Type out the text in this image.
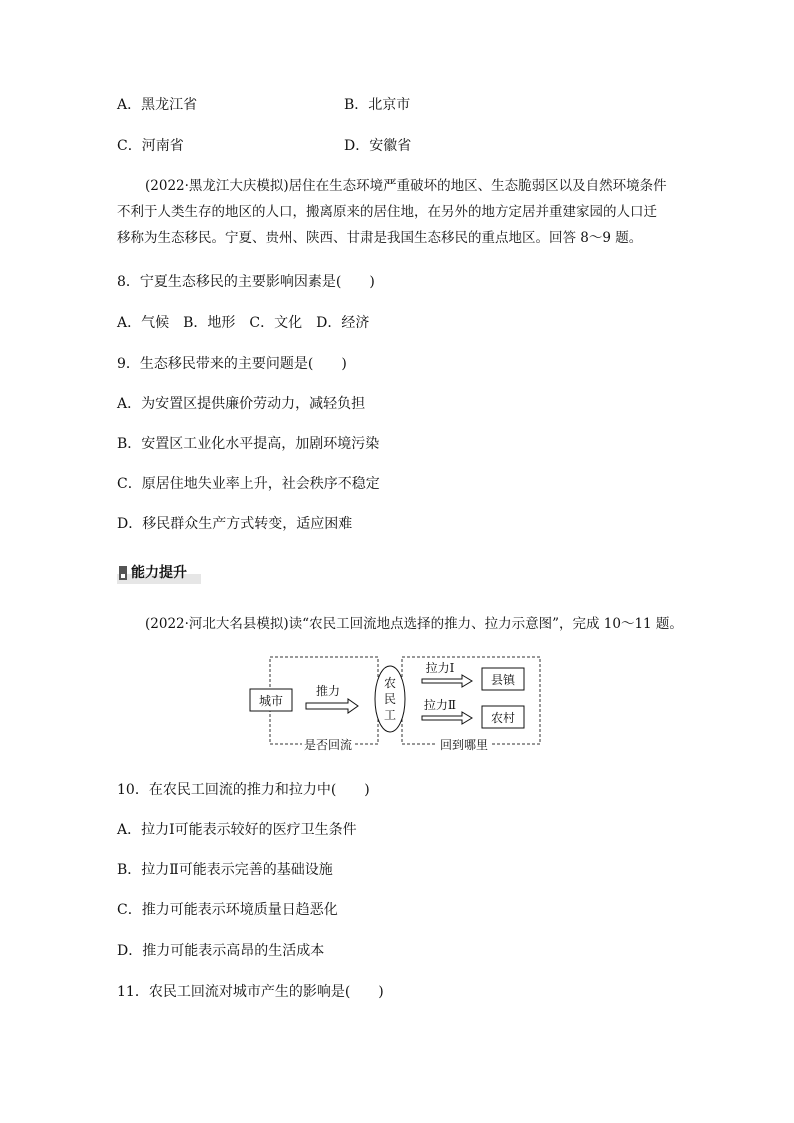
A．黑龙江省	B．北京市
C．河南省	D．安徽省
(2022·黑龙江大庆模拟)居住在生态环境严重破坏的地区、生态脆弱区以及自然环境条件
不利于人类生存的地区的人口，搬离原来的居住地，在另外的地方定居并重建家园的人口迁
移称为生态移民。宁夏、贵州、陕西、甘肃是我国生态移民的重点地区。回答 8～9 题。
8．宁夏生态移民的主要影响因素是(　　)
A．气候　B．地形　C．文化　D．经济
9．生态移民带来的主要问题是(　　)
A．为安置区提供廉价劳动力，减轻负担
B．安置区工业化水平提高，加剧环境污染
C．原居住地失业率上升，社会秩序不稳定
D．移民群众生产方式转变，适应困难
能力提升
(2022·河北大名县模拟)读“农民工回流地点选择的推力、拉力示意图”，完成 10～11 题。
城市
推力
农
民
工
拉力Ⅰ
拉力Ⅱ
县镇
农村
是否回流	回到哪里
10．在农民工回流的推力和拉力中(　　)
A．拉力Ⅰ可能表示较好的医疗卫生条件
B．拉力Ⅱ可能表示完善的基础设施
C．推力可能表示环境质量日趋恶化
D．推力可能表示高昂的生活成本
11．农民工回流对城市产生的影响是(　　)
